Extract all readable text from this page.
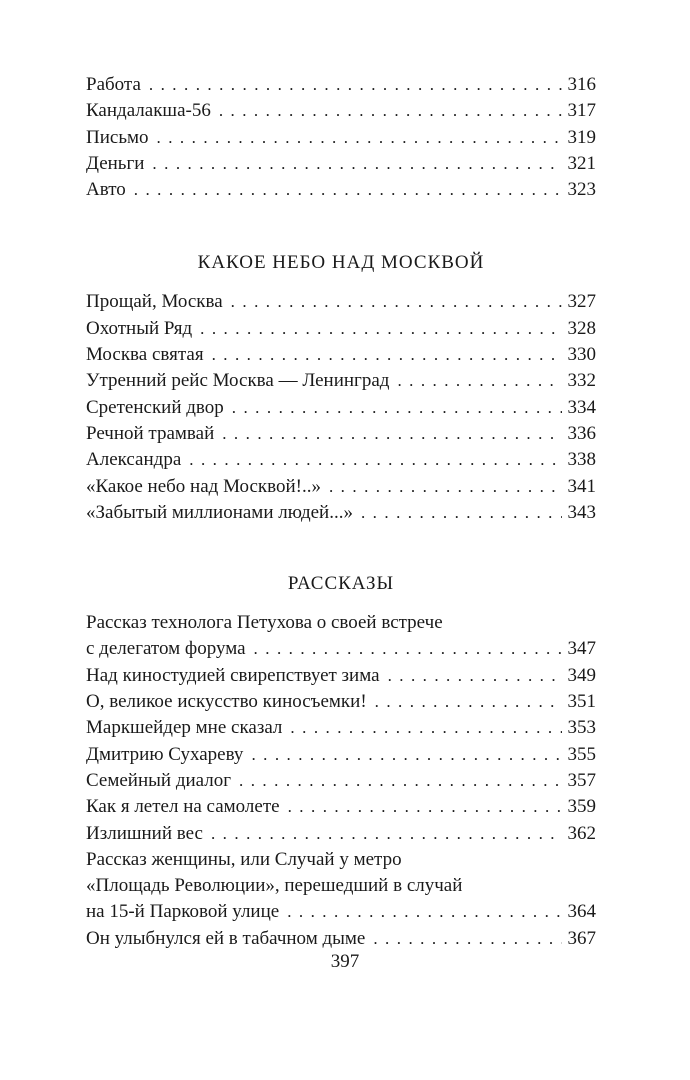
Работа . . .	316
Кандалакша-56 . . .	317
Письмо . . .	319
Деньги . . .	321
Авто . . .	323
КАКОЕ НЕБО НАД МОСКВОЙ
Прощай, Москва . . .	327
Охотный Ряд . . .	328
Москва святая . . .	330
Утренний рейс Москва — Ленинград . . .	332
Сретенский двор . . .	334
Речной трамвай . . .	336
Александра . . .	338
«Какое небо над Москвой!..» . . .	341
«Забытый миллионами людей...» . . .	343
РАССКАЗЫ
Рассказ технолога Петухова о своей встрече
с делегатом форума . . .	347
Над киностудией свирепствует зима . . .	349
О, великое искусство киносъемки! . . .	351
Маркшейдер мне сказал . . .	353
Дмитрию Сухареву . . .	355
Семейный диалог . . .	357
Как я летел на самолете . . .	359
Излишний вес . . .	362
Рассказ женщины, или Случай у метро
«Площадь Революции», перешедший в случай
на 15-й Парковой улице . . .	364
Он улыбнулся ей в табачном дыме . . .	367
397
